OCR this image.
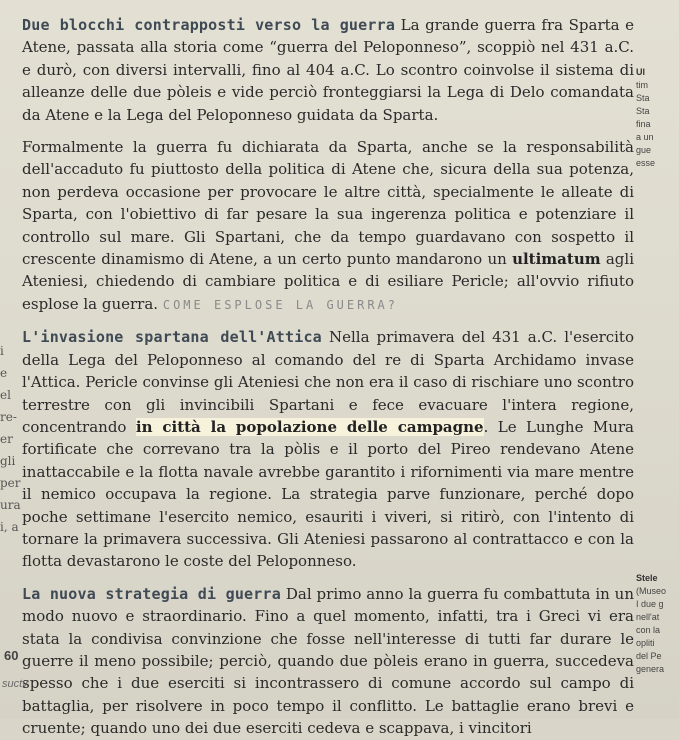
i
e
el
re-
er
gli
per
ura
i, a
Ul
tim
Sta
Sta
fina
a un
gue
esse
Stele
(Museo
I due g
nell'at
con la
opliti
del Pe
genera

Due blocchi contrapposti verso la guerra La grande guerra fra Sparta e Atene, passata alla storia come “guerra del Peloponneso”, scoppiò nel 431 a.C. e durò, con diversi intervalli, fino al 404 a.C. Lo scontro coinvolse il sistema di alleanze delle due pòleis e vide perciò fronteggiarsi la Lega di Delo comandata da Atene e la Lega del Peloponneso guidata da Sparta.

Formalmente la guerra fu dichiarata da Sparta, anche se la responsabilità dell'accaduto fu piuttosto della politica di Atene che, sicura della sua potenza, non perdeva occasione per provocare le altre città, specialmente le alleate di Sparta, con l'obiettivo di far pesare la sua ingerenza politica e potenziare il controllo sul mare. Gli Spartani, che da tempo guardavano con sospetto il crescente dinamismo di Atene, a un certo punto mandarono un ultimatum agli Ateniesi, chiedendo di cambiare politica e di esiliare Pericle; all'ovvio rifiuto esplose la guerra. COME ESPLOSE LA GUERRA?

L'invasione spartana dell'Attica Nella primavera del 431 a.C. l'esercito della Lega del Peloponneso al comando del re di Sparta Archidamo invase l'Attica. Pericle convinse gli Ateniesi che non era il caso di rischiare uno scontro terrestre con gli invincibili Spartani e fece evacuare l'intera regione, concentrando in città la popolazione delle campagne. Le Lunghe Mura fortificate che correvano tra la pòlis e il porto del Pireo rendevano Atene inattaccabile e la flotta navale avrebbe garantito i rifornimenti via mare mentre il nemico occupava la regione. La strategia parve funzionare, perché dopo poche settimane l'esercito nemico, esauriti i viveri, si ritirò, con l'intento di tornare la primavera successiva. Gli Ateniesi passarono al contrattacco e con la flotta devastarono le coste del Peloponneso.

La nuova strategia di guerra Dal primo anno la guerra fu combattuta in un modo nuovo e straordinario. Fino a quel momento, infatti, tra i Greci vi era stata la condivisa convinzione che fosse nell'interesse di tutti far durare le guerre il meno possibile; perciò, quando due pòleis erano in guerra, succedeva spesso che i due eserciti si incontrassero di comune accordo sul campo di battaglia, per risolvere in poco tempo il conflitto. Le battaglie erano brevi e cruente; quando uno dei due eserciti cedeva e scappava, i vincitori

60
suctv
